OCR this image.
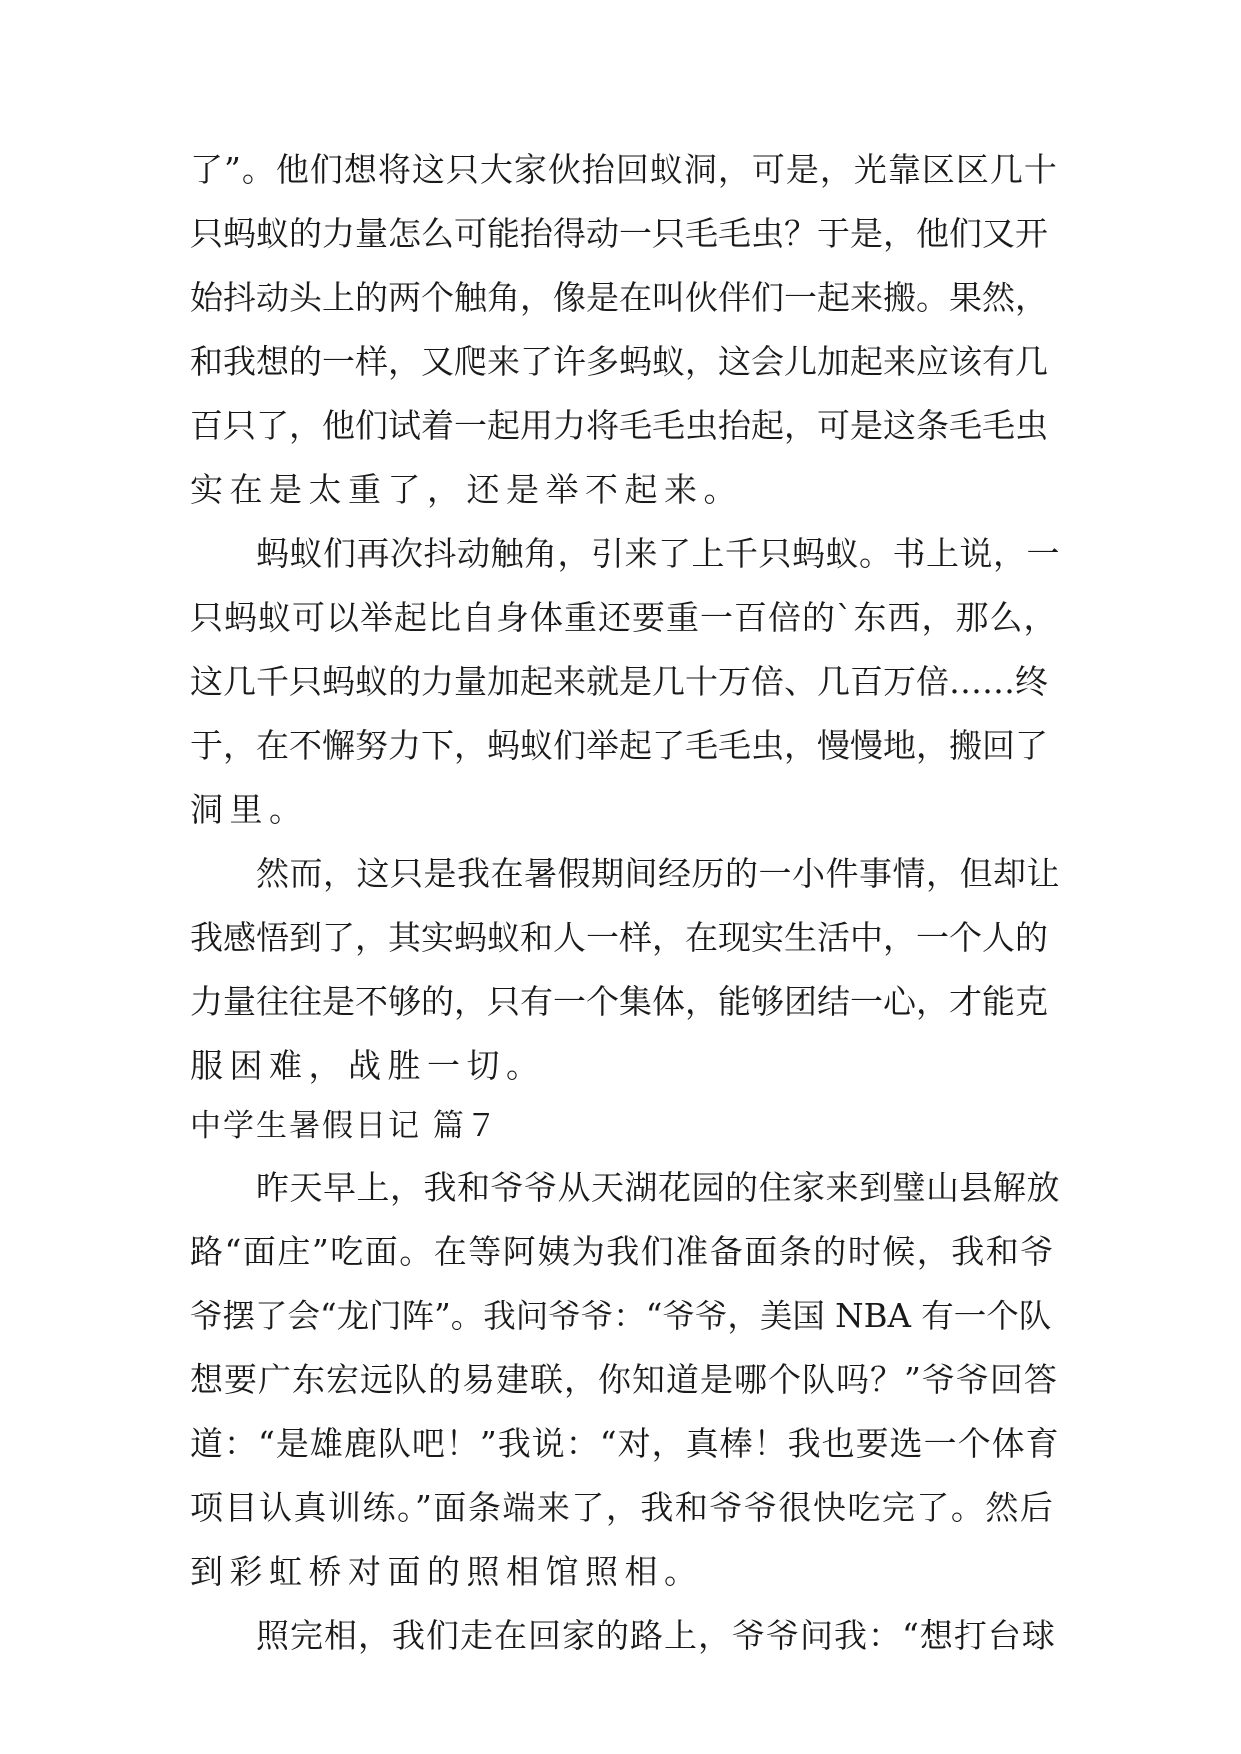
了”。他们想将这只大家伙抬回蚁洞，可是，光靠区区几十
只蚂蚁的力量怎么可能抬得动一只毛毛虫？于是，他们又开
始抖动头上的两个触角，像是在叫伙伴们一起来搬。果然，
和我想的一样，又爬来了许多蚂蚁，这会儿加起来应该有几
百只了，他们试着一起用力将毛毛虫抬起，可是这条毛毛虫
实在是太重了，还是举不起来。
蚂蚁们再次抖动触角，引来了上千只蚂蚁。书上说，一
只蚂蚁可以举起比自身体重还要重一百倍的`东西，那么，
这几千只蚂蚁的力量加起来就是几十万倍、几百万倍……终
于，在不懈努力下，蚂蚁们举起了毛毛虫，慢慢地，搬回了
洞里。
然而，这只是我在暑假期间经历的一小件事情，但却让
我感悟到了，其实蚂蚁和人一样，在现实生活中，一个人的
力量往往是不够的，只有一个集体，能够团结一心，才能克
服困难，战胜一切。
中学生暑假日记 篇７
昨天早上，我和爷爷从天湖花园的住家来到璧山县解放
路“面庄”吃面。在等阿姨为我们准备面条的时候，我和爷
爷摆了会“龙门阵”。我问爷爷：“爷爷，美国 NBA 有一个队
想要广东宏远队的易建联，你知道是哪个队吗？”爷爷回答
道：“是雄鹿队吧！”我说：“对，真棒！我也要选一个体育
项目认真训练。”面条端来了，我和爷爷很快吃完了。然后
到彩虹桥对面的照相馆照相。
照完相，我们走在回家的路上，爷爷问我：“想打台球
